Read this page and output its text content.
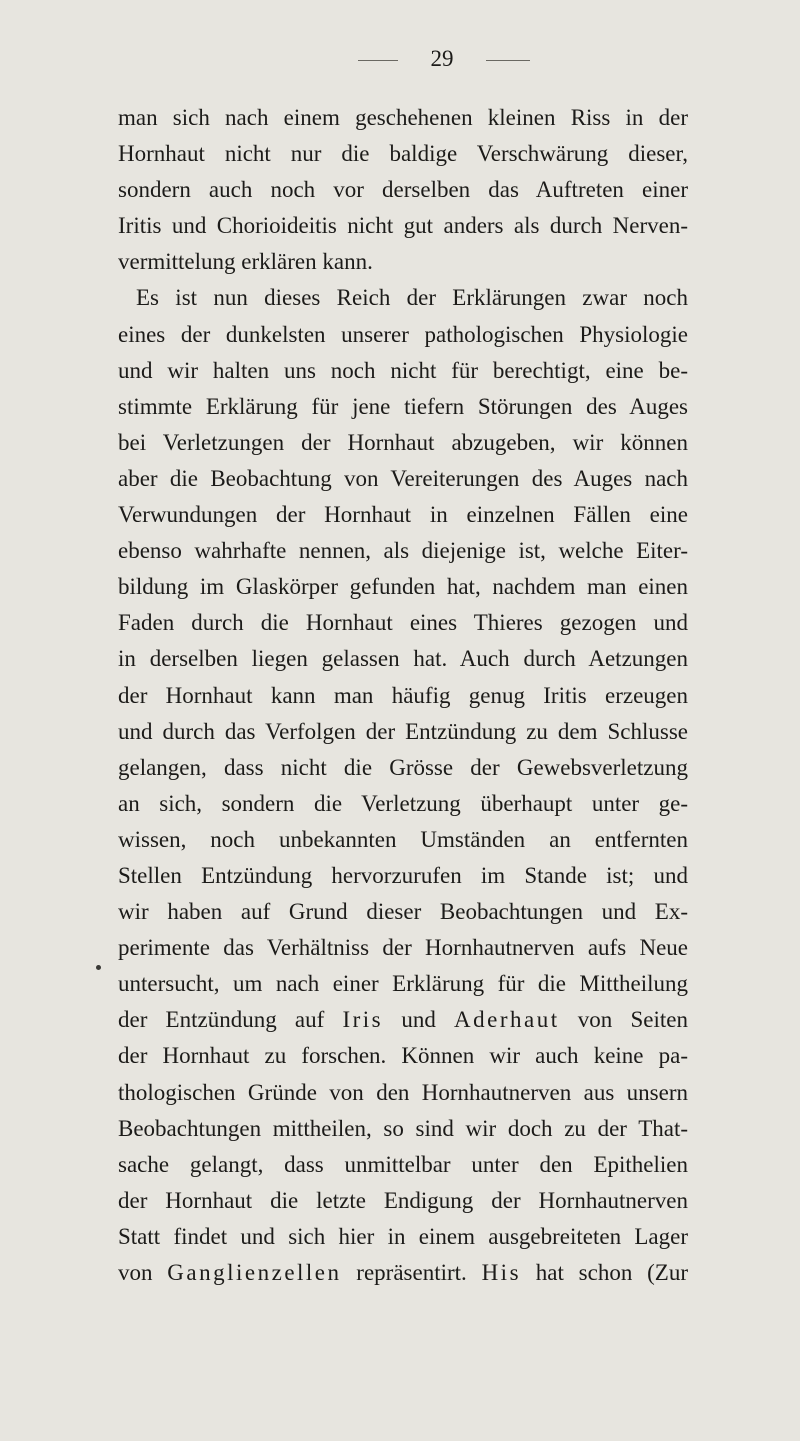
29
man sich nach einem geschehenen kleinen Riss in der
Hornhaut nicht nur die baldige Verschwärung dieser,
sondern auch noch vor derselben das Auftreten einer
Iritis und Chorioideitis nicht gut anders als durch Nerven-
vermittelung erklären kann.
Es ist nun dieses Reich der Erklärungen zwar noch
eines der dunkelsten unserer pathologischen Physiologie
und wir halten uns noch nicht für berechtigt, eine be-
stimmte Erklärung für jene tiefern Störungen des Auges
bei Verletzungen der Hornhaut abzugeben, wir können
aber die Beobachtung von Vereiterungen des Auges nach
Verwundungen der Hornhaut in einzelnen Fällen eine
ebenso wahrhafte nennen, als diejenige ist, welche Eiter-
bildung im Glaskörper gefunden hat, nachdem man einen
Faden durch die Hornhaut eines Thieres gezogen und
in derselben liegen gelassen hat. Auch durch Aetzungen
der Hornhaut kann man häufig genug Iritis erzeugen
und durch das Verfolgen der Entzündung zu dem Schlusse
gelangen, dass nicht die Grösse der Gewebsverletzung
an sich, sondern die Verletzung überhaupt unter ge-
wissen, noch unbekannten Umständen an entfernten
Stellen Entzündung hervorzurufen im Stande ist; und
wir haben auf Grund dieser Beobachtungen und Ex-
perimente das Verhältniss der Hornhautnerven aufs Neue
untersucht, um nach einer Erklärung für die Mittheilung
der Entzündung auf Iris und Aderhaut von Seiten
der Hornhaut zu forschen. Können wir auch keine pa-
thologischen Gründe von den Hornhautnerven aus unsern
Beobachtungen mittheilen, so sind wir doch zu der That-
sache gelangt, dass unmittelbar unter den Epithelien
der Hornhaut die letzte Endigung der Hornhautnerven
Statt findet und sich hier in einem ausgebreiteten Lager
von Ganglienzellen repräsentirt. His hat schon (Zur
